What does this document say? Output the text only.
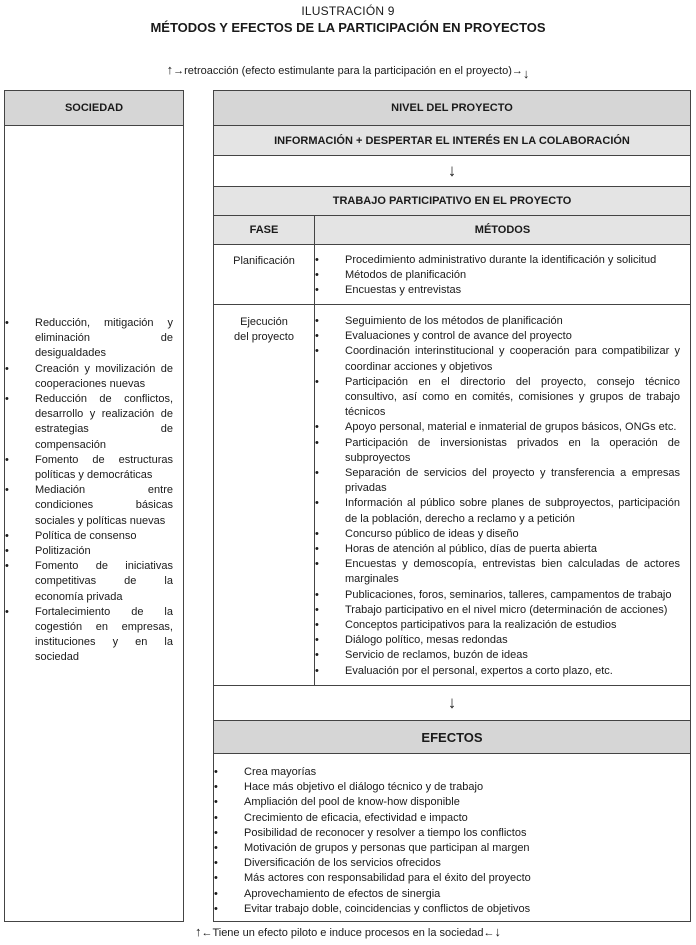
ILUSTRACIÓN 9
MÉTODOS Y EFECTOS DE LA PARTICIPACIÓN EN PROYECTOS
↑→retroacción (efecto estimulante para la participación en el proyecto)→↓
SOCIEDAD
• Reducción, mitigación y eliminación de desigualdades
• Creación y movilización de cooperaciones nuevas
• Reducción de conflictos, desarrollo y realización de estrategias de compensación
• Fomento de estructuras políticas y democráticas
• Mediación entre condiciones básicas sociales y políticas nuevas
• Política de consenso
• Politización
• Fomento de iniciativas competitivas de la economía privada
• Fortalecimiento de la cogestión en empresas, instituciones y en la sociedad
NIVEL DEL PROYECTO
INFORMACIÓN + DESPERTAR EL INTERÉS EN LA COLABORACIÓN
↓
TRABAJO PARTICIPATIVO EN EL PROYECTO
FASE	MÉTODOS
Planificación
•	Procedimiento administrativo durante la identificación y solicitud
• Métodos de planificación
• Encuestas y entrevistas
Ejecución
del proyecto
• Seguimiento de los métodos de planificación
• Evaluaciones y control de avance del proyecto
• Coordinación interinstitucional y cooperación para compatibilizar y coordinar acciones y objetivos
• Participación en el directorio del proyecto, consejo técnico consultivo, así como en comités, comisiones y grupos de trabajo técnicos
• Apoyo personal, material e inmaterial de grupos básicos, ONGs etc.
• Participación de inversionistas privados en la operación de subproyectos
• Separación de servicios del proyecto y transferencia a empresas privadas
• Información al público sobre planes de subproyectos, participación de la población, derecho a reclamo y a petición
• Concurso público de ideas y diseño
• Horas de atención al público, días de puerta abierta
• Encuestas y demoscopía, entrevistas bien calculadas de actores marginales
• Publicaciones, foros, seminarios, talleres, campamentos de trabajo
• Trabajo participativo en el nivel micro (determinación de acciones)
• Conceptos participativos para la realización de estudios
• Diálogo político, mesas redondas
• Servicio de reclamos, buzón de ideas
• Evaluación por el personal, expertos a corto plazo, etc.
↓
EFECTOS
• Crea mayorías
• Hace más objetivo el diálogo técnico y de trabajo
• Ampliación del pool de know-how disponible
• Crecimiento de eficacia, efectividad e impacto
• Posibilidad de reconocer y resolver a tiempo los conflictos
• Motivación de grupos y personas que participan al margen
• Diversificación de los servicios ofrecidos
• Más actores con responsabilidad para el éxito del proyecto
• Aprovechamiento de efectos de sinergia
• Evitar trabajo doble, coincidencias y conflictos de objetivos
↑←Tiene un efecto piloto e induce procesos en la sociedad←↓
